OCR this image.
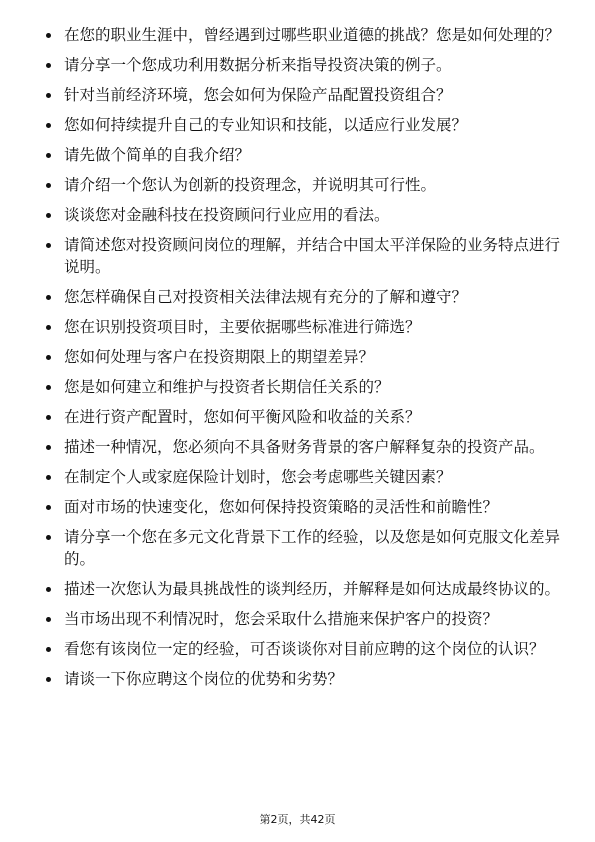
在您的职业生涯中，曾经遇到过哪些职业道德的挑战？您是如何处理的？
请分享一个您成功利用数据分析来指导投资决策的例子。
针对当前经济环境，您会如何为保险产品配置投资组合？
您如何持续提升自己的专业知识和技能，以适应行业发展？
请先做个简单的自我介绍？
请介绍一个您认为创新的投资理念，并说明其可行性。
谈谈您对金融科技在投资顾问行业应用的看法。
请简述您对投资顾问岗位的理解，并结合中国太平洋保险的业务特点进行说明。
您怎样确保自己对投资相关法律法规有充分的了解和遵守？
您在识别投资项目时，主要依据哪些标准进行筛选？
您如何处理与客户在投资期限上的期望差异？
您是如何建立和维护与投资者长期信任关系的？
在进行资产配置时，您如何平衡风险和收益的关系？
描述一种情况，您必须向不具备财务背景的客户解释复杂的投资产品。
在制定个人或家庭保险计划时，您会考虑哪些关键因素？
面对市场的快速变化，您如何保持投资策略的灵活性和前瞻性？
请分享一个您在多元文化背景下工作的经验，以及您是如何克服文化差异的。
描述一次您认为最具挑战性的谈判经历，并解释是如何达成最终协议的。
当市场出现不利情况时，您会采取什么措施来保护客户的投资？
看您有该岗位一定的经验，可否谈谈你对目前应聘的这个岗位的认识？
请谈一下你应聘这个岗位的优势和劣势？
第2页，共42页
